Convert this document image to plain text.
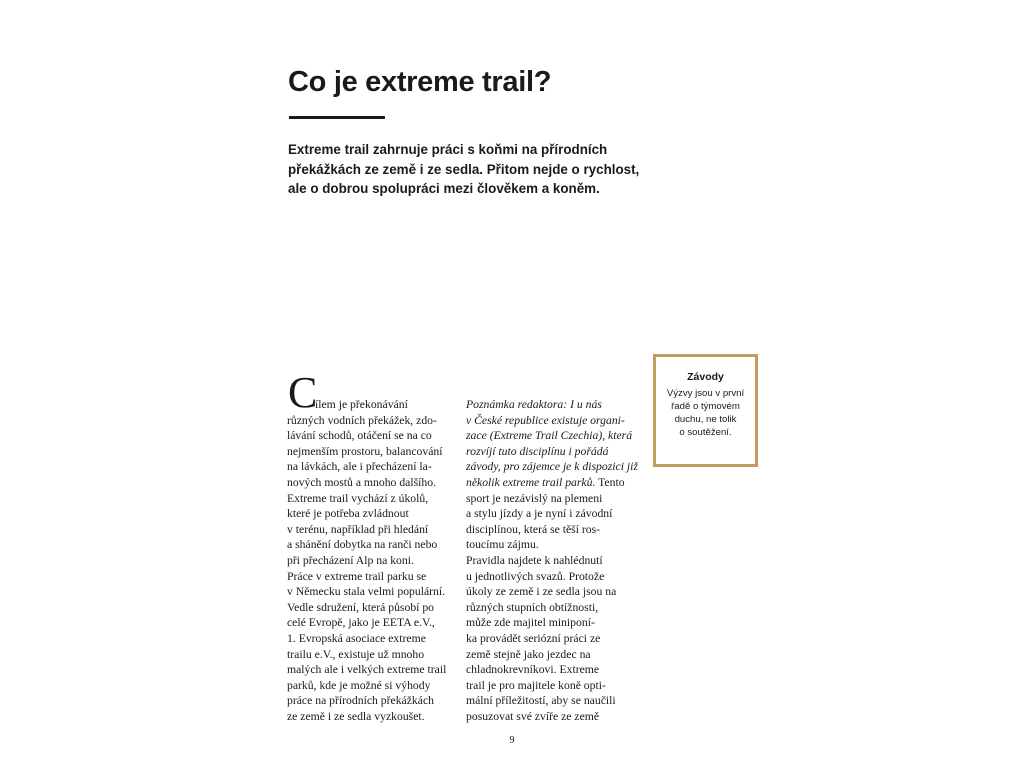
Co je extreme trail?

Extreme trail zahrnuje práci s koňmi na přírodních
překážkách ze země i ze sedla. Přitom nejde o rychlost,
ale o dobrou spolupráci mezi člověkem a koněm.

Závody
Výzvy jsou v první
řadě o týmovém
duchu, ne tolik
o soutěžení.
C
ílem je překonávání
různých vodních překážek, zdo-
lávání schodů, otáčení se na co
nejmenším prostoru, balancování
na lávkách, ale i přecházení la-
nových mostů a mnoho dalšího.
Extreme trail vychází z úkolů,
které je potřeba zvládnout
v terénu, například při hledání
a shánění dobytka na ranči nebo
při přecházení Alp na koni.
Práce v extreme trail parku se
v Německu stala velmi populární.
Vedle sdružení, která působí po
celé Evropě, jako je EETA e.V.,
1. Evropská asociace extreme
trailu e.V., existuje už mnoho
malých ale i velkých extreme trail
parků, kde je možné si výhody
práce na přírodních překážkách
ze země i ze sedla vyzkoušet.
Poznámka redaktora: I u nás
v České republice existuje organi-
zace (Extreme Trail Czechia), která
rozvíjí tuto disciplínu i pořádá
závody, pro zájemce je k dispozici již
několik extreme trail parků. Tento
sport je nezávislý na plemeni
a stylu jízdy a je nyní i závodní
disciplínou, která se těší ros-
toucímu zájmu.
Pravidla najdete k nahlédnutí
u jednotlivých svazů. Protože
úkoly ze země i ze sedla jsou na
různých stupních obtížnosti,
může zde majitel miniponí-
ka provádět seriózní práci ze
země stejně jako jezdec na
chladnokrevníkovi. Extreme
trail je pro majitele koně opti-
mální příležitostí, aby se naučili
posuzovat své zvíře ze země
9
